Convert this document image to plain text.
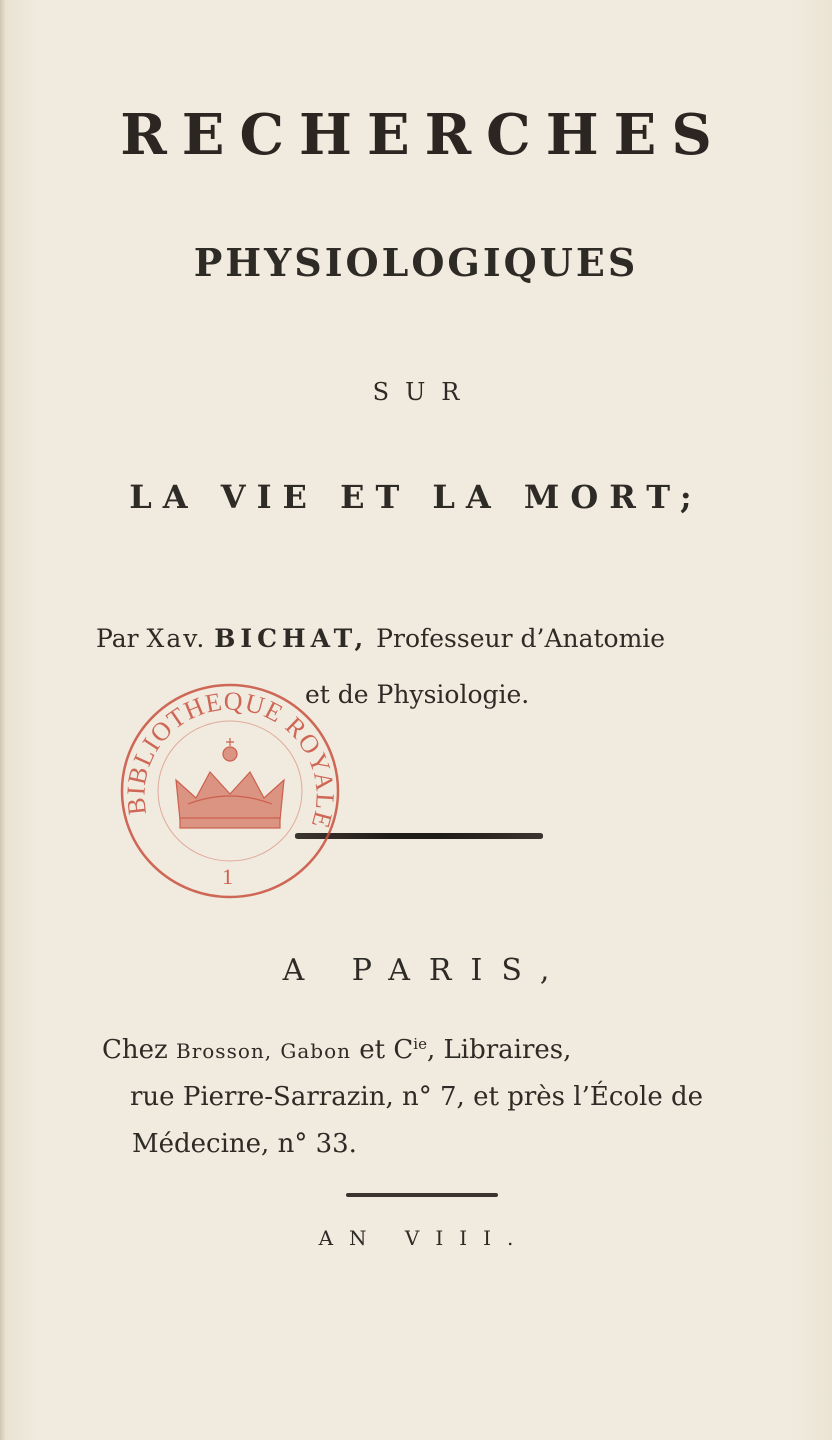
RECHERCHES
PHYSIOLOGIQUES
SUR
LA VIE ET LA MORT;
Par Xav. BICHAT, Professeur d’Anatomie
et de Physiologie.
BIBLIOTHEQUE ROYALE
1
A PARIS,
Chez Brosson, Gabon et $C^{ie}$, Libraires,
rue Pierre-Sarrazin, n° 7, et près l’École de
Médecine, n° 33.
AN VIII.
